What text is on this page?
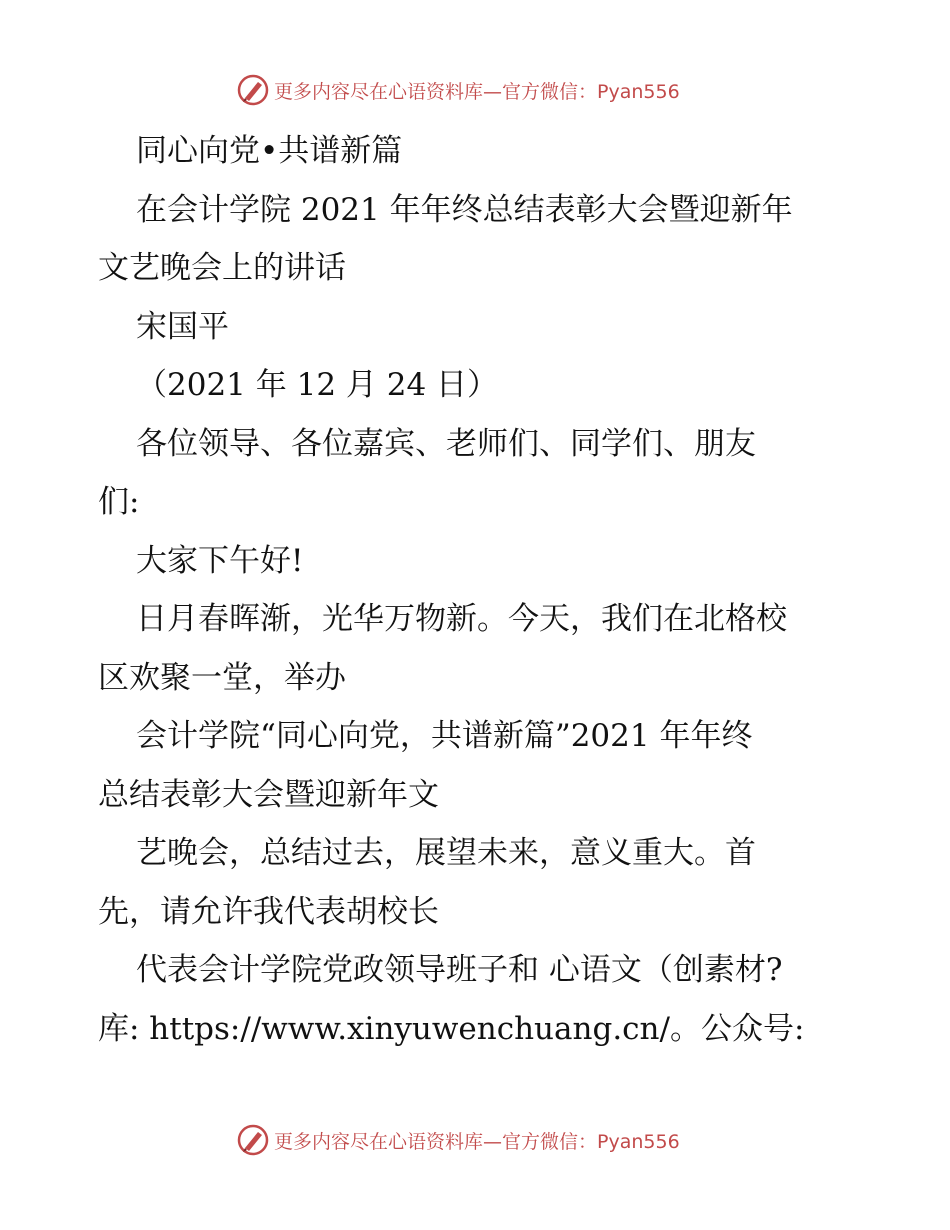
更多内容尽在心语资料库—官方微信：Pyan556
同心向党•共谱新篇
在会计学院 2021 年年终总结表彰大会暨迎新年
文艺晚会上的讲话
宋国平
（2021 年 12 月 24 日）
各位领导、各位嘉宾、老师们、同学们、朋友
们:
大家下午好!
日月春晖渐，光华万物新。今天，我们在北格校
区欢聚一堂，举办
会计学院“同心向党，共谱新篇”2021 年年终
总结表彰大会暨迎新年文
艺晚会，总结过去，展望未来，意义重大。首
先，请允许我代表胡校长
代表会计学院党政领导班子和 心语文（创素材?
库: https://www.xinyuwenchuang.cn/。公众号:
更多内容尽在心语资料库—官方微信：Pyan556
